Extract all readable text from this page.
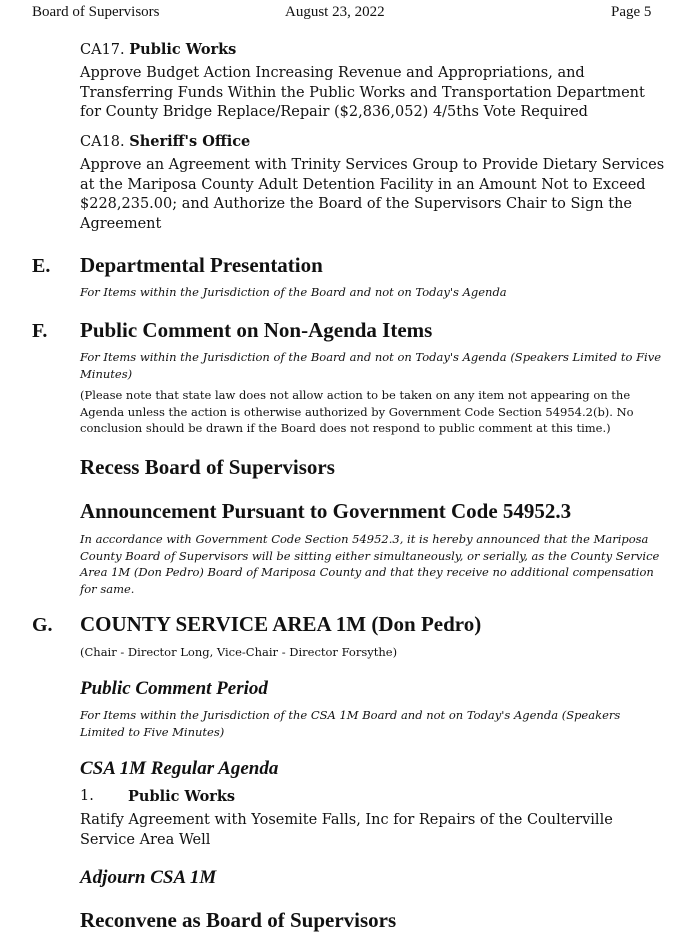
Board of Supervisors	August 23, 2022	Page 5
CA17. Public Works
Approve Budget Action Increasing Revenue and Appropriations, and Transferring Funds Within the Public Works and Transportation Department for County Bridge Replace/Repair ($2,836,052) 4/5ths Vote Required
CA18. Sheriff's Office
Approve an Agreement with Trinity Services Group to Provide Dietary Services at the Mariposa County Adult Detention Facility in an Amount Not to Exceed $228,235.00; and Authorize the Board of the Supervisors Chair to Sign the Agreement
E. Departmental Presentation
For Items within the Jurisdiction of the Board and not on Today's Agenda
F. Public Comment on Non-Agenda Items
For Items within the Jurisdiction of the Board and not on Today's Agenda (Speakers Limited to Five Minutes)
(Please note that state law does not allow action to be taken on any item not appearing on the Agenda unless the action is otherwise authorized by Government Code Section 54954.2(b). No conclusion should be drawn if the Board does not respond to public comment at this time.)
Recess Board of Supervisors
Announcement Pursuant to Government Code 54952.3
In accordance with Government Code Section 54952.3, it is hereby announced that the Mariposa County Board of Supervisors will be sitting either simultaneously, or serially, as the County Service Area 1M (Don Pedro) Board of Mariposa County and that they receive no additional compensation for same.
G. COUNTY SERVICE AREA 1M (Don Pedro)
(Chair - Director Long, Vice-Chair - Director Forsythe)
Public Comment Period
For Items within the Jurisdiction of the CSA 1M Board and not on Today's Agenda (Speakers Limited to Five Minutes)
CSA 1M Regular Agenda
1. Public Works
Ratify Agreement with Yosemite Falls, Inc for Repairs of the Coulterville Service Area Well
Adjourn CSA 1M
Reconvene as Board of Supervisors
